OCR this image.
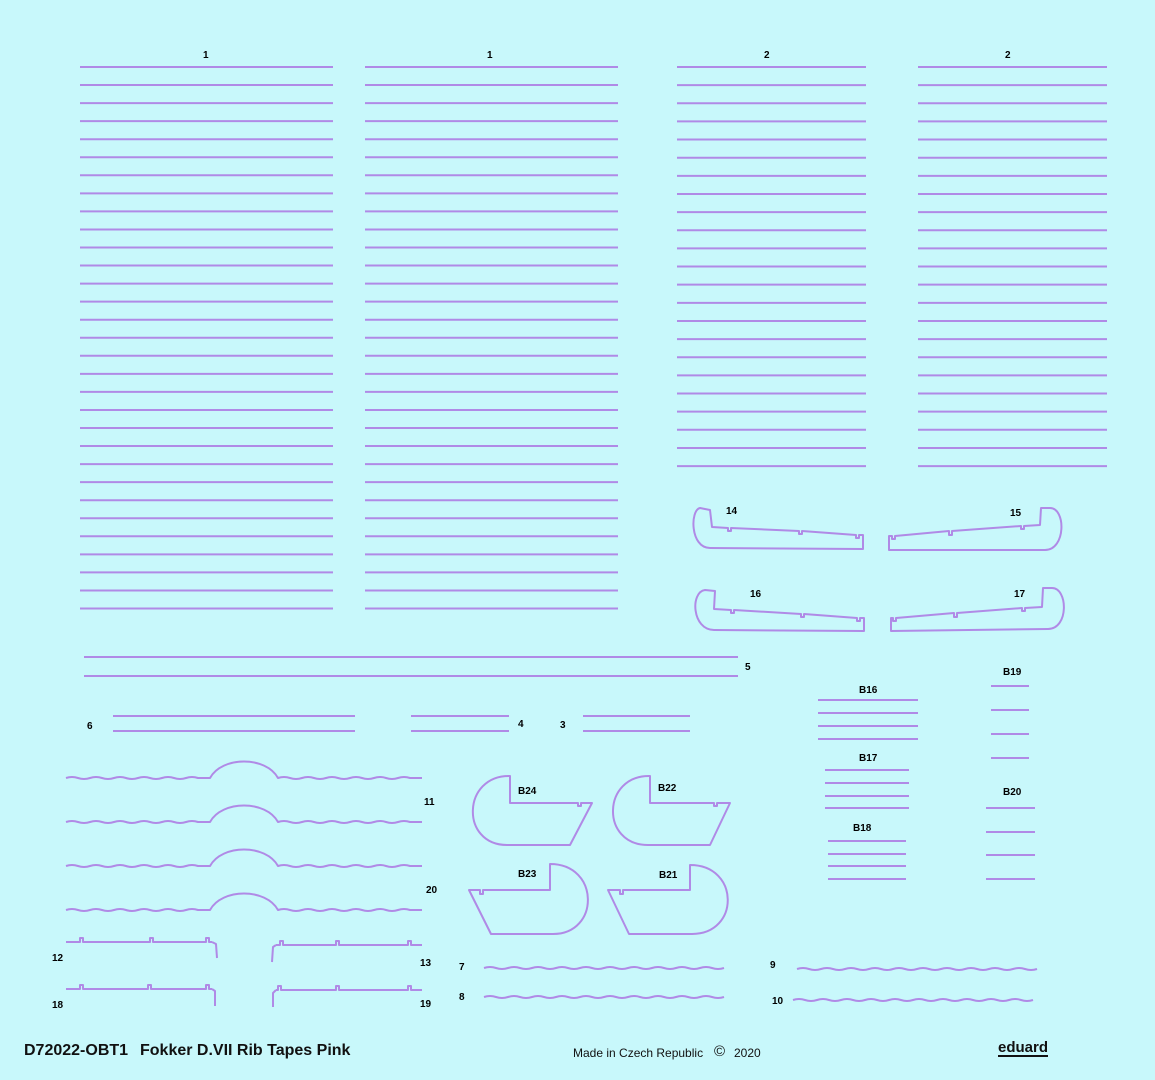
1	1	2	2
14	15
16	17
5
6	4	3
11
20
12	13
18	19
7
8
9
10
B16
B17
B18
B19
B20
B24	B22
B23	B21
D72022-OBT1 Fokker D.VII Rib Tapes Pink	Made in Czech Republic © 2020	eduard
